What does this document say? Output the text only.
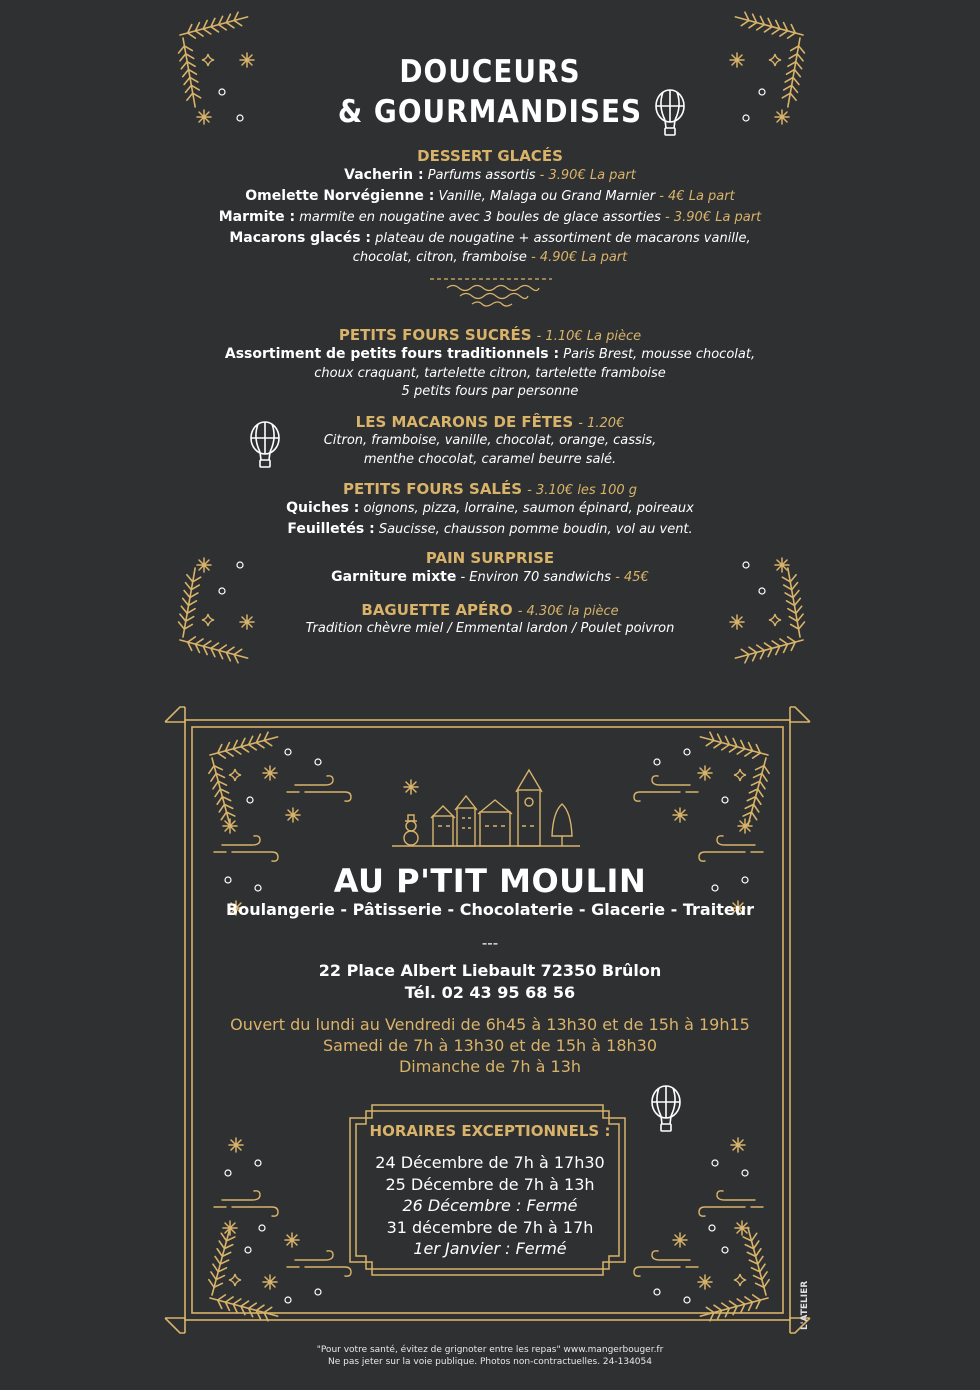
DOUCEURS
& GOURMANDISES
DESSERT GLACÉS
Vacherin : Parfums assortis - 3.90€ La part
Omelette Norvégienne : Vanille, Malaga ou Grand Marnier - 4€ La part
Marmite : marmite en nougatine avec 3 boules de glace assorties - 3.90€ La part
Macarons glacés : plateau de nougatine + assortiment de macarons vanille,
chocolat, citron, framboise - 4.90€ La part
PETITS FOURS SUCRÉS - 1.10€ La pièce
Assortiment de petits fours traditionnels : Paris Brest, mousse chocolat,
choux craquant, tartelette citron, tartelette framboise
5 petits fours par personne
LES MACARONS DE FÊTES - 1.20€
Citron, framboise, vanille, chocolat, orange, cassis,
menthe chocolat, caramel beurre salé.
PETITS FOURS SALÉS - 3.10€ les 100 g
Quiches : oignons, pizza, lorraine, saumon épinard, poireaux
Feuilletés : Saucisse, chausson pomme boudin, vol au vent.
PAIN SURPRISE
Garniture mixte - Environ 70 sandwichs - 45€
BAGUETTE APÉRO - 4.30€ la pièce
Tradition chèvre miel / Emmental lardon / Poulet poivron
AU P'TIT MOULIN
Boulangerie - Pâtisserie - Chocolaterie - Glacerie - Traiteur
---
22 Place Albert Liebault 72350 Brûlon
Tél. 02 43 95 68 56
Ouvert du lundi au Vendredi de 6h45 à 13h30 et de 15h à 19h15
Samedi de 7h à 13h30 et de 15h à 18h30
Dimanche de 7h à 13h
HORAIRES EXCEPTIONNELS :
24 Décembre de 7h à 17h30
25 Décembre de 7h à 13h
26 Décembre : Fermé
31 décembre de 7h à 17h
1er Janvier : Fermé
L'ATELIER
"Pour votre santé, évitez de grignoter entre les repas" www.mangerbouger.fr
Ne pas jeter sur la voie publique. Photos non-contractuelles. 24-134054
